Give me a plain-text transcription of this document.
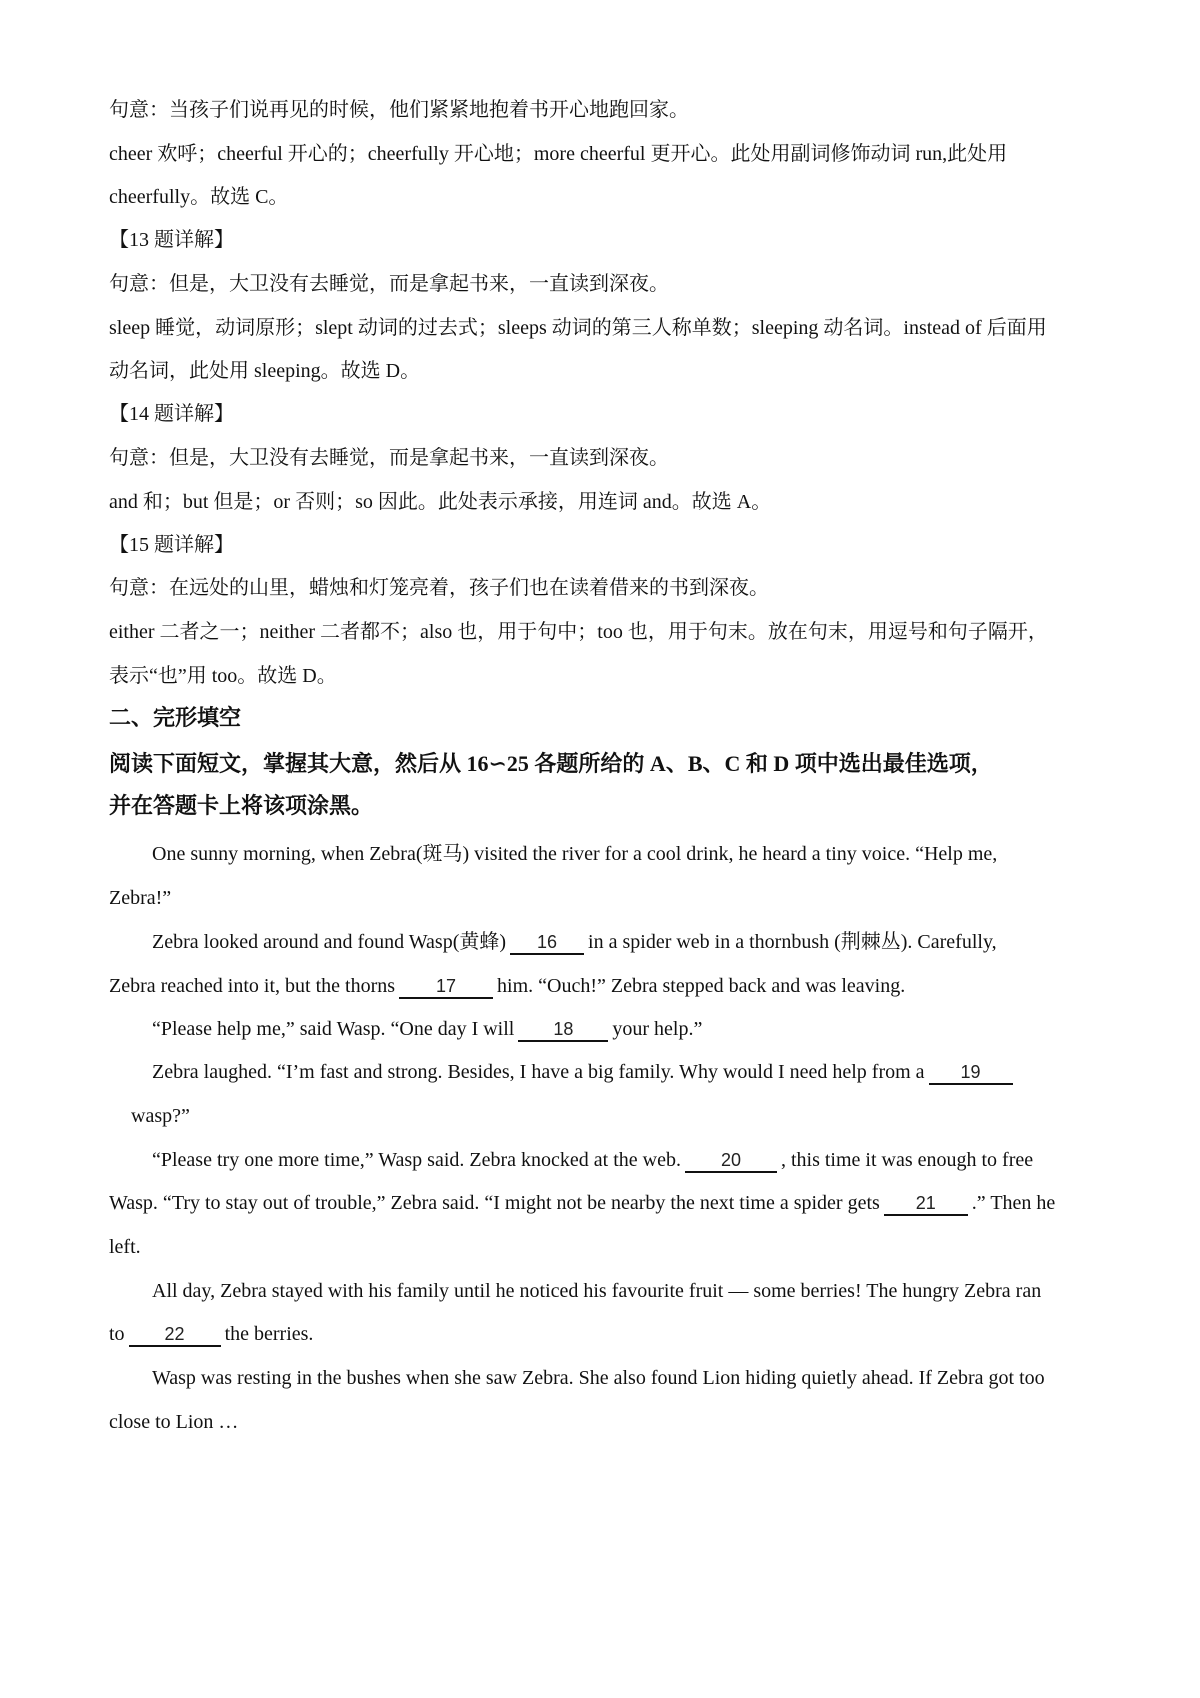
句意：当孩子们说再见的时候，他们紧紧地抱着书开心地跑回家。
cheer 欢呼；cheerful 开心的；cheerfully 开心地；more cheerful 更开心。此处用副词修饰动词 run,此处用
cheerfully。故选 C。
【13 题详解】
句意：但是，大卫没有去睡觉，而是拿起书来，一直读到深夜。
sleep 睡觉，动词原形；slept 动词的过去式；sleeps 动词的第三人称单数；sleeping 动名词。instead of 后面用
动名词，此处用 sleeping。故选 D。
【14 题详解】
句意：但是，大卫没有去睡觉，而是拿起书来，一直读到深夜。
and 和；but 但是；or 否则；so 因此。此处表示承接，用连词 and。故选 A。
【15 题详解】
句意：在远处的山里，蜡烛和灯笼亮着，孩子们也在读着借来的书到深夜。
either 二者之一；neither 二者都不；also 也，用于句中；too 也，用于句末。放在句末，用逗号和句子隔开，
表示“也”用 too。故选 D。
二、完形填空
阅读下面短文，掌握其大意，然后从 16∽25 各题所给的 A、B、C 和 D 项中选出最佳选项，
并在答题卡上将该项涂黑。
One sunny morning, when Zebra(斑马) visited the river for a cool drink, he heard a tiny voice. “Help me,
Zebra!”
Zebra looked around and found Wasp(黄蜂) 16 in a spider web in a thornbush (荆棘丛). Carefully,
Zebra reached into it, but the thorns 17 him. “Ouch!” Zebra stepped back and was leaving.
“Please help me,” said Wasp. “One day I will 18 your help.”
Zebra laughed. “I’m fast and strong. Besides, I have a big family. Why would I need help from a 19
wasp?”
“Please try one more time,” Wasp said. Zebra knocked at the web. 20 , this time it was enough to free
Wasp. “Try to stay out of trouble,” Zebra said. “I might not be nearby the next time a spider gets 21 .” Then he
left.
All day, Zebra stayed with his family until he noticed his favourite fruit — some berries! The hungry Zebra ran
to 22 the berries.
Wasp was resting in the bushes when she saw Zebra. She also found Lion hiding quietly ahead. If Zebra got too
close to Lion …
